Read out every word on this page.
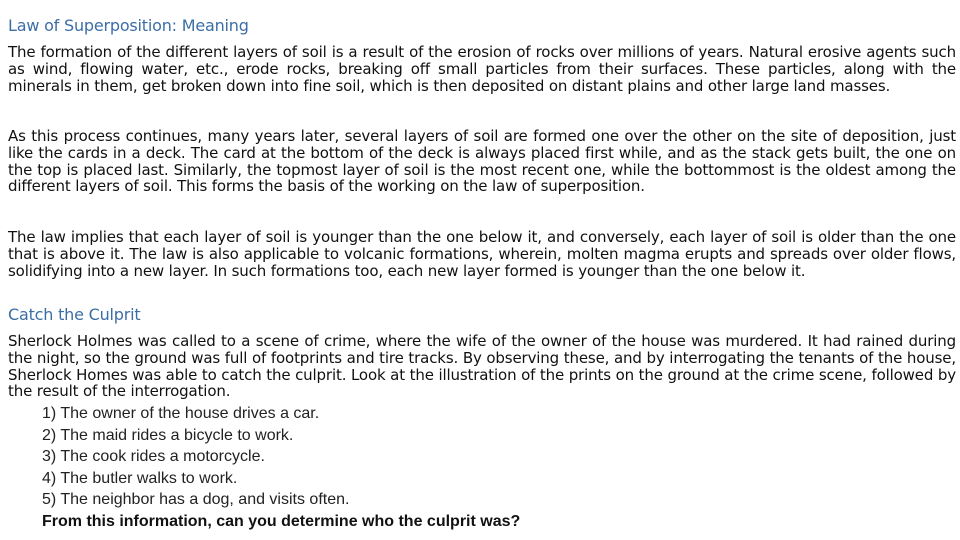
Law of Superposition: Meaning
The formation of the different layers of soil is a result of the erosion of rocks over millions of years. Natural erosive agents such as wind, flowing water, etc., erode rocks, breaking off small particles from their surfaces. These particles, along with the minerals in them, get broken down into fine soil, which is then deposited on distant plains and other large land masses.
As this process continues, many years later, several layers of soil are formed one over the other on the site of deposition, just like the cards in a deck. The card at the bottom of the deck is always placed first while, and as the stack gets built, the one on the top is placed last. Similarly, the topmost layer of soil is the most recent one, while the bottommost is the oldest among the different layers of soil. This forms the basis of the working on the law of superposition.
The law implies that each layer of soil is younger than the one below it, and conversely, each layer of soil is older than the one that is above it. The law is also applicable to volcanic formations, wherein, molten magma erupts and spreads over older flows, solidifying into a new layer. In such formations too, each new layer formed is younger than the one below it.
Catch the Culprit
Sherlock Holmes was called to a scene of crime, where the wife of the owner of the house was murdered. It had rained during the night, so the ground was full of footprints and tire tracks. By observing these, and by interrogating the tenants of the house, Sherlock Homes was able to catch the culprit. Look at the illustration of the prints on the ground at the crime scene, followed by the result of the interrogation.
1) The owner of the house drives a car.
2) The maid rides a bicycle to work.
3) The cook rides a motorcycle.
4) The butler walks to work.
5) The neighbor has a dog, and visits often.
From this information, can you determine who the culprit was?
